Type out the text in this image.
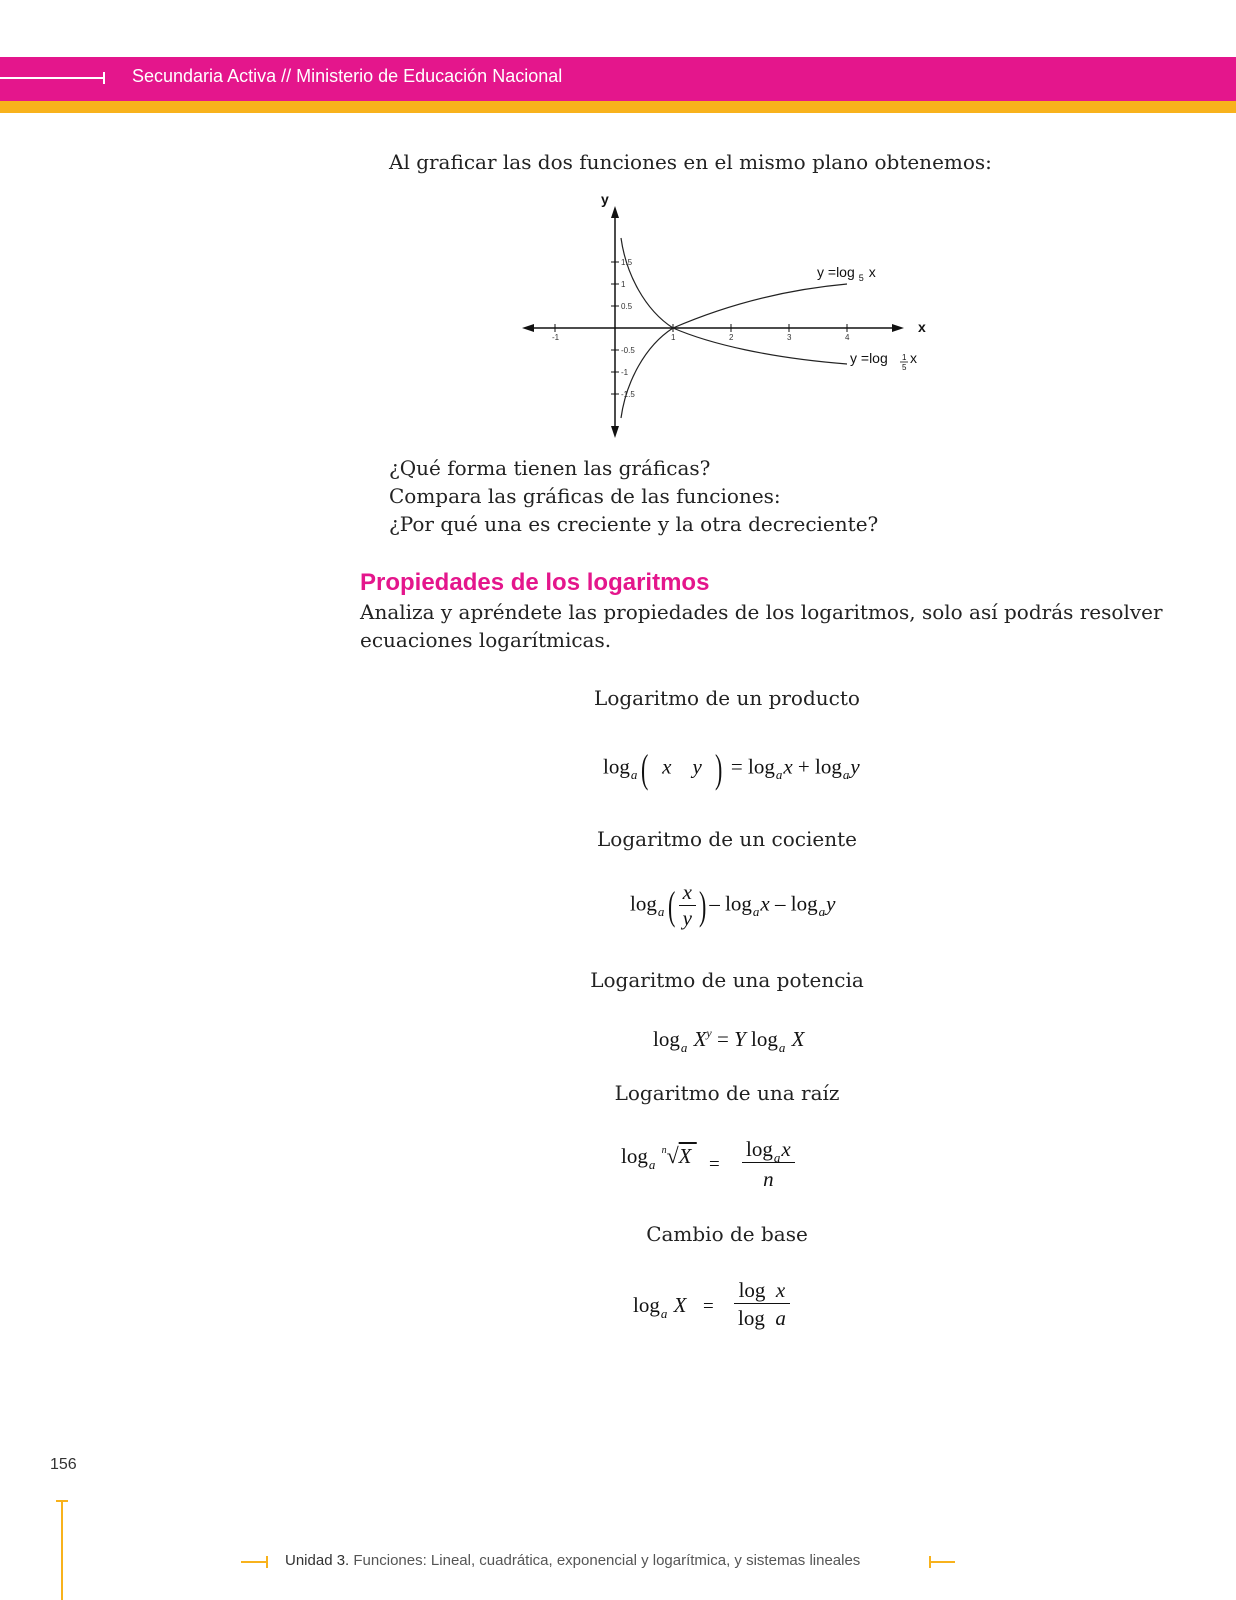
Secundaria Activa // Ministerio de Educación Nacional
Al graficar las dos funciones en el mismo plano obtenemos:
-1	1	2	3	4
1.5
1
0.5
-0.5
-1
-1.5
x
y
y =log $_5$ x
y =log 1
5
x
¿Qué forma tienen las gráficas?
Compara las gráficas de las funciones:
¿Por qué una es creciente y la otra decreciente?
Propiedades de los logaritmos
Analiza y apréndete las propiedades de los logaritmos, solo así podrás resolver
ecuaciones logarítmicas.
Logaritmo de un producto
$\log_a$( x y ) = $\log_ax + \log_ay$
Logaritmo de un cociente
$\log_a( \frac{x}{y}$ ) – $\log_ax - \log_ay$
Logaritmo de una potencia
$\log_a X^y = Y$ $\log_a X$
Logaritmo de una raíz
$\log_a ^n√X = \frac{\log_ax}{n}$
Cambio de base
$\log_a X = \frac{\text{log x}}{\text{log a}}$
156
Unidad 3. Funciones: Lineal, cuadrática, exponencial y logarítmica, y sistemas lineales
